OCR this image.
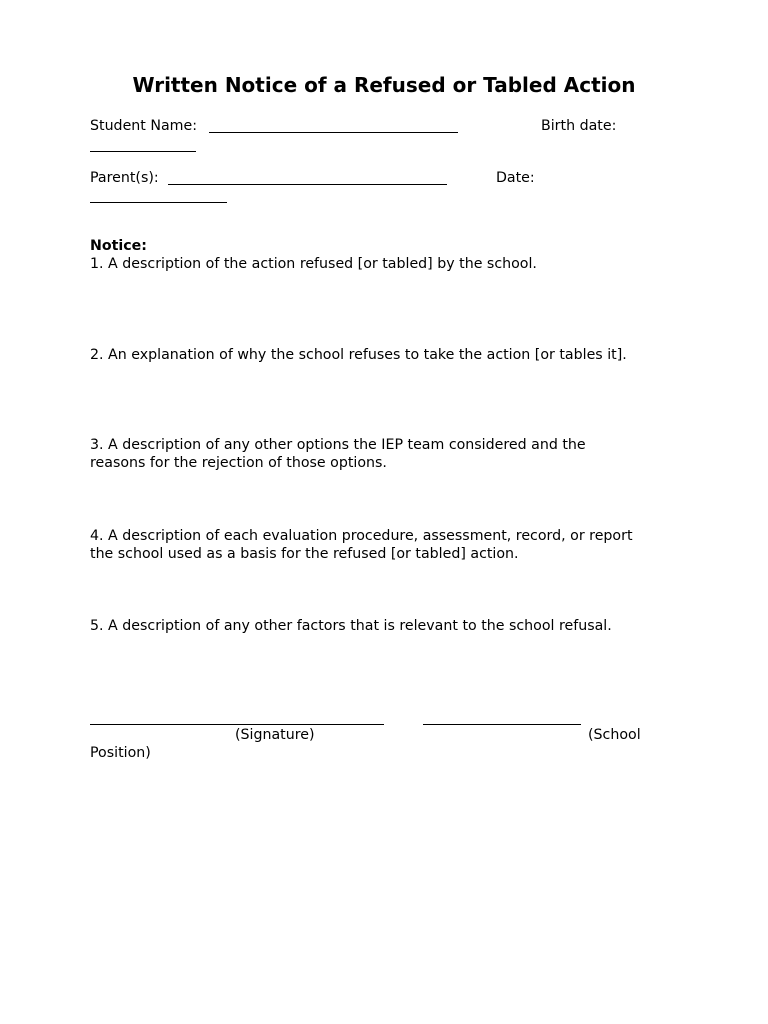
Written Notice of a Refused or Tabled Action
Student Name:	Birth date:
Parent(s):	Date:
Notice:
1. A description of the action refused [or tabled] by the school.
2. An explanation of why the school refuses to take the action [or tables it].
3. A description of any other options the IEP team considered and the
reasons for the rejection of those options.
4. A description of each evaluation procedure, assessment, record, or report
the school used as a basis for the refused [or tabled] action.
5. A description of any other factors that is relevant to the school refusal.
(Signature)	(School
Position)
